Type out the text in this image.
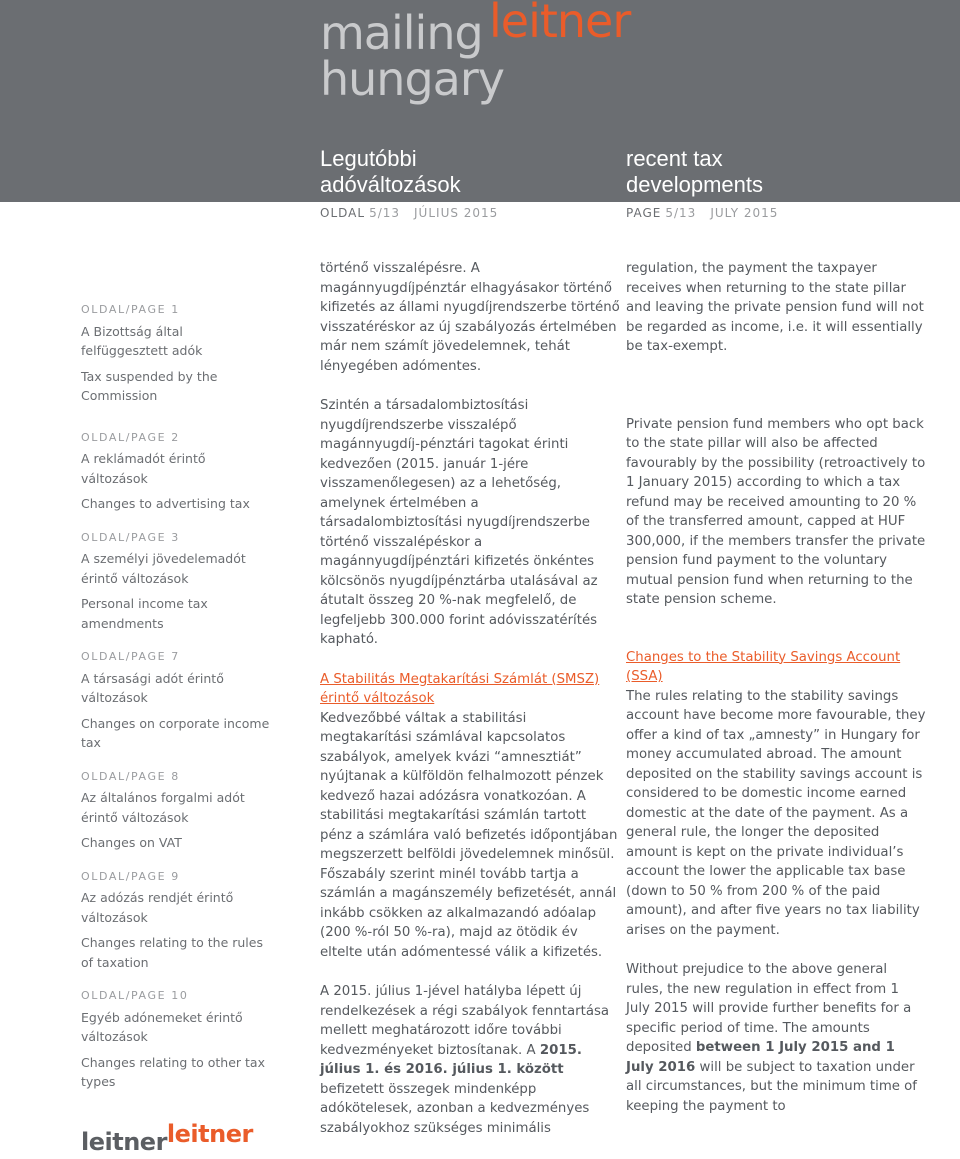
mailing leitner
hungary
Legutóbbi
adóváltozások
recent tax
developments
OLDAL 5/13 JÚLIUS 2015	PAGE 5/13 JULY 2015
OLDAL/PAGE 1
A Bizottság által felfüggesztett adók
Tax suspended by the Commission
OLDAL/PAGE 2
A reklámadót érintő változások
Changes to advertising tax
OLDAL/PAGE 3
A személyi jövedelemadót érintő változások
Personal income tax amendments
OLDAL/PAGE 7
A társasági adót érintő változások
Changes on corporate income tax
OLDAL/PAGE 8
Az általános forgalmi adót érintő változások
Changes on VAT
OLDAL/PAGE 9
Az adózás rendjét érintő változások
Changes relating to the rules of taxation
OLDAL/PAGE 10
Egyéb adónemeket érintő változások
Changes relating to other tax types

történő visszalépésre. A magánnyugdíjpénztár elhagyásakor történő kifizetés az állami nyugdíjrendszerbe történő visszatéréskor az új szabályozás értelmében már nem számít jövedelemnek, tehát lényegében adómentes.

Szintén a társadalombiztosítási nyugdíjrendszerbe visszalépő magánnyugdíj-pénztári tagokat érinti kedvezően (2015. január 1-jére visszamenőlegesen) az a lehetőség, amelynek értelmében a társadalombiztosítási nyugdíjrendszerbe történő visszalépéskor a magánnyugdíjpénztári kifizetés önkéntes kölcsönös nyugdíjpénztárba utalásával az átutalt összeg 20 %-nak megfelelő, de legfeljebb 300.000 forint adóvisszatérítés kapható.

A Stabilitás Megtakarítási Számlát (SMSZ) érintő változások

Kedvezőbbé váltak a stabilitási megtakarítási számlával kapcsolatos szabályok, amelyek kvázi “amnesztiát” nyújtanak a külföldön felhalmozott pénzek kedvező hazai adózásra vonatkozóan. A stabilitási megtakarítási számlán tartott pénz a számlára való befizetés időpontjában megszerzett belföldi jövedelemnek minősül. Főszabály szerint minél tovább tartja a számlán a magánszemély befizetését, annál inkább csökken az alkalmazandó adóalap (200 %-ról 50 %-ra), majd az ötödik év eltelte után adómentessé válik a kifizetés.

A 2015. július 1-jével hatályba lépett új rendelkezések a régi szabályok fenntartása mellett meghatározott időre további kedvezményeket biztosítanak. A 2015. július 1. és 2016. július 1. között befizetett összegek mindenképp adókötelesek, azonban a kedvezményes szabályokhoz szükséges minimális

regulation, the payment the taxpayer receives when returning to the state pillar and leaving the private pension fund will not be regarded as income, i.e. it will essentially be tax-exempt.

Private pension fund members who opt back to the state pillar will also be affected favourably by the possibility (retroactively to 1 January 2015) according to which a tax refund may be received amounting to 20 % of the transferred amount, capped at HUF 300,000, if the members transfer the private pension fund payment to the voluntary mutual pension fund when returning to the state pension scheme.

Changes to the Stability Savings Account (SSA)

The rules relating to the stability savings account have become more favourable, they offer a kind of tax „amnesty” in Hungary for money accumulated abroad. The amount deposited on the stability savings account is considered to be domestic income earned domestic at the date of the payment. As a general rule, the longer the deposited amount is kept on the private individual’s account the lower the applicable tax base (down to 50 % from 200 % of the paid amount), and after five years no tax liability arises on the payment.

Without prejudice to the above general rules, the new regulation in effect from 1 July 2015 will provide further benefits for a specific period of time. The amounts deposited between 1 July 2015 and 1 July 2016 will be subject to taxation under all circumstances, but the minimum time of keeping the payment to

leitnerleitner
